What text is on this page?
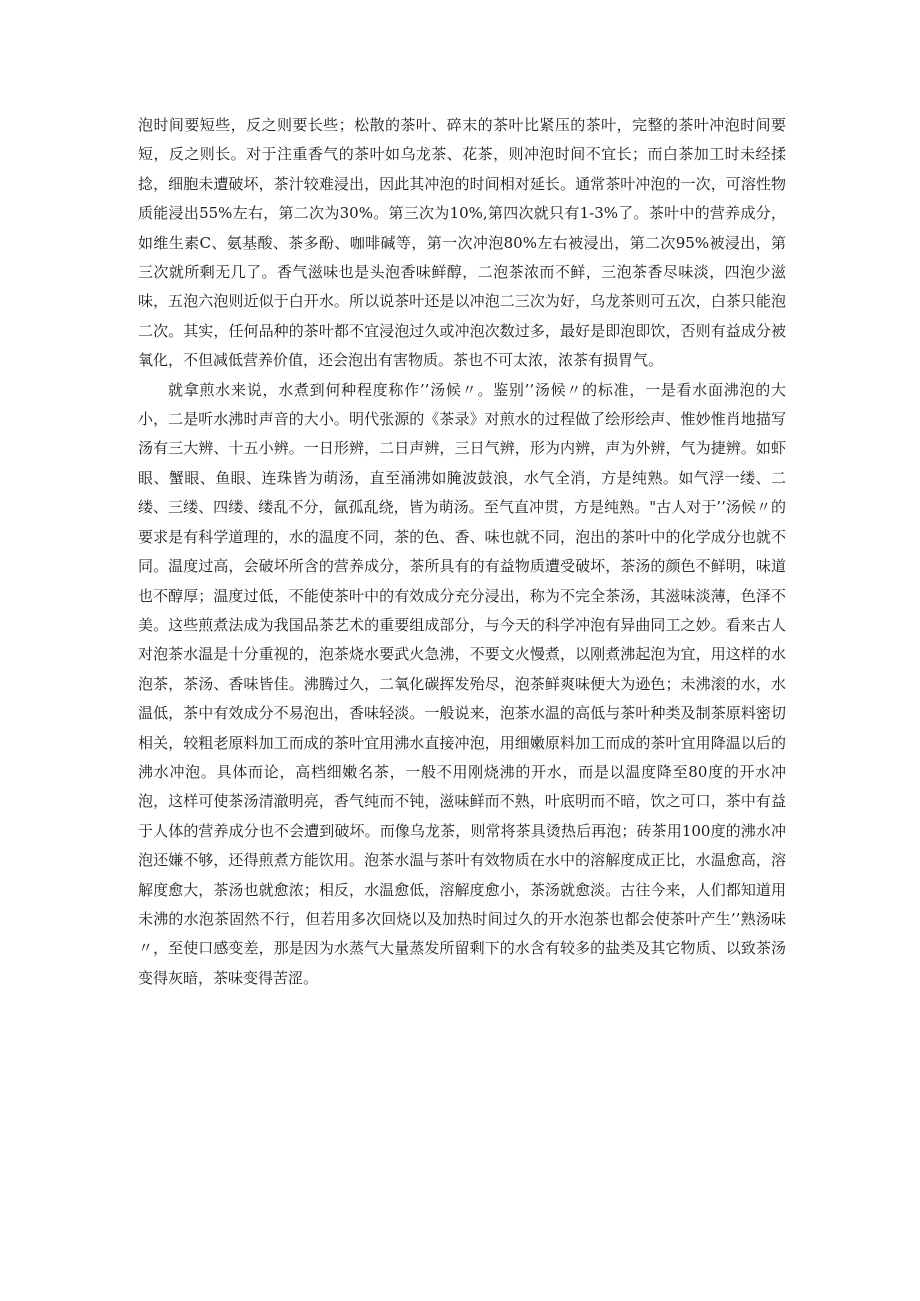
泡时间要短些，反之则要长些；松散的茶叶、碎末的茶叶比紧压的茶叶，完整的茶叶冲泡时间要短，反之则长。对于注重香气的茶叶如乌龙茶、花茶，则冲泡时间不宜长；而白茶加工时未经揉捻，细胞未遭破坏，茶汁较难浸出，因此其冲泡的时间相对延长。通常茶叶冲泡的一次，可溶性物质能浸出55%左右，第二次为30%。第三次为10%,第四次就只有1-3%了。茶叶中的营养成分，如维生素C、氨基酸、茶多酚、咖啡碱等，第一次冲泡80%左右被浸出，第二次95%被浸出，第三次就所剩无几了。香气滋味也是头泡香味鲜醇，二泡茶浓而不鲜，三泡茶香尽味淡，四泡少滋味，五泡六泡则近似于白开水。所以说茶叶还是以冲泡二三次为好，乌龙茶则可五次，白茶只能泡二次。其实，任何品种的茶叶都不宜浸泡过久或冲泡次数过多，最好是即泡即饮，否则有益成分被氧化，不但减低营养价值，还会泡出有害物质。茶也不可太浓，浓茶有损胃气。

就拿煎水来说，水煮到何种程度称作’’汤候〃。鉴别’’汤候〃的标准，一是看水面沸泡的大小，二是听水沸时声音的大小。明代张源的《茶录》对煎水的过程做了绘形绘声、惟妙惟肖地描写汤有三大辨、十五小辨。一日形辨，二日声辨，三日气辨，形为内辨，声为外辨，气为捷辨。如虾眼、蟹眼、鱼眼、连珠皆为萌汤，直至涌沸如腌波鼓浪，水气全消，方是纯熟。如气浮一缕、二缕、三缕、四缕、缕乱不分，氤孤乱绕，皆为萌汤。至气直冲贯，方是纯熟。"古人对于’’汤候〃的要求是有科学道理的，水的温度不同，茶的色、香、味也就不同，泡出的茶叶中的化学成分也就不同。温度过高，会破坏所含的营养成分，茶所具有的有益物质遭受破坏，茶汤的颜色不鲜明，味道也不醇厚；温度过低，不能使茶叶中的有效成分充分浸出，称为不完全茶汤，其滋味淡薄，色泽不美。这些煎煮法成为我国品茶艺术的重要组成部分，与今天的科学冲泡有异曲同工之妙。看来古人对泡茶水温是十分重视的，泡茶烧水要武火急沸，不要文火慢煮，以刚煮沸起泡为宜，用这样的水泡茶，茶汤、香味皆佳。沸腾过久，二氧化碳挥发殆尽，泡茶鲜爽味便大为逊色；未沸滚的水，水温低，茶中有效成分不易泡出，香味轻淡。一般说来，泡茶水温的高低与茶叶种类及制茶原料密切相关，较粗老原料加工而成的茶叶宜用沸水直接冲泡，用细嫩原料加工而成的茶叶宜用降温以后的沸水冲泡。具体而论，高档细嫩名茶，一般不用刚烧沸的开水，而是以温度降至80度的开水冲泡，这样可使茶汤清澈明亮，香气纯而不钝，滋味鲜而不熟，叶底明而不暗，饮之可口，茶中有益于人体的营养成分也不会遭到破坏。而像乌龙茶，则常将茶具烫热后再泡；砖茶用100度的沸水冲泡还嫌不够，还得煎煮方能饮用。泡茶水温与茶叶有效物质在水中的溶解度成正比，水温愈高，溶解度愈大，茶汤也就愈浓；相反，水温愈低，溶解度愈小，茶汤就愈淡。古往今来，人们都知道用未沸的水泡茶固然不行，但若用多次回烧以及加热时间过久的开水泡茶也都会使茶叶产生’’熟汤味〃，至使口感变差，那是因为水蒸气大量蒸发所留剩下的水含有较多的盐类及其它物质、以致茶汤变得灰暗，茶味变得苦涩。
